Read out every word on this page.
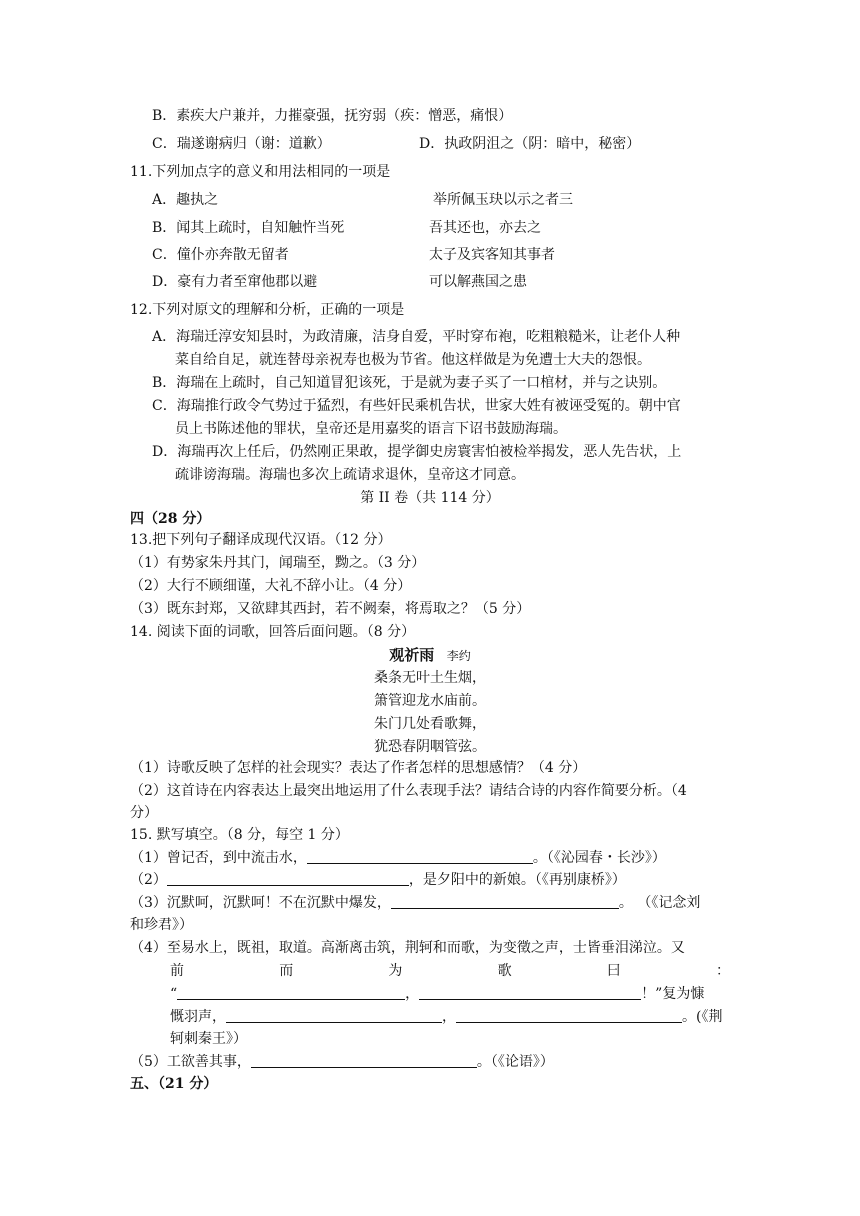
B．素疾大户兼并，力摧豪强，抚穷弱（疾：憎恶，痛恨）
C．瑞遂谢病归（谢：道歉）	D．执政阴沮之（阴：暗中，秘密）
11.下列加点字的意义和用法相同的一项是
A．趣执之	举所佩玉玦以示之者三
B．闻其上疏时，自知触忤当死	吾其还也，亦去之
C．僮仆亦奔散无留者	太子及宾客知其事者
D．豪有力者至窜他郡以避	可以解燕国之患
12.下列对原文的理解和分析，正确的一项是
A．海瑞迁淳安知县时，为政清廉，洁身自爱，平时穿布袍，吃粗粮糙米，让老仆人种
菜自给自足，就连替母亲祝寿也极为节省。他这样做是为免遭士大夫的怨恨。
B．海瑞在上疏时，自己知道冒犯该死，于是就为妻子买了一口棺材，并与之诀别。
C．海瑞推行政令气势过于猛烈，有些奸民乘机告状，世家大姓有被诬受冤的。朝中官
员上书陈述他的罪状，皇帝还是用嘉奖的语言下诏书鼓励海瑞。
D．海瑞再次上任后，仍然刚正果敢，提学御史房寰害怕被检举揭发，恶人先告状，上
疏诽谤海瑞。海瑞也多次上疏请求退休，皇帝这才同意。
第 II 卷（共 114 分）
四（28 分）
13.把下列句子翻译成现代汉语。（12 分）
（1）有势家朱丹其门，闻瑞至，黝之。（3 分）
（2）大行不顾细谨，大礼不辞小让。（4 分）
（3）既东封郑，又欲肆其西封，若不阙秦，将焉取之？（5 分）
14. 阅读下面的词歌，回答后面问题。（8 分）
观祈雨 李约
桑条无叶土生烟，
箫管迎龙水庙前。
朱门几处看歌舞，
犹恐春阴咽管弦。
（1）诗歌反映了怎样的社会现实？表达了作者怎样的思想感情？（4 分）
（2）这首诗在内容表达上最突出地运用了什么表现手法？请结合诗的内容作简要分析。（4
分）
15. 默写填空。（8 分，每空 1 分）
（1）曾记否，到中流击水，	。（《沁园春・长沙》）
（2）	，是夕阳中的新娘。（《再别康桥》）
（3）沉默呵，沉默呵！不在沉默中爆发，	。 （《记念刘
和珍君》）
（4）至易水上，既祖，取道。高渐离击筑，荆轲和而歌，为变徵之声，士皆垂泪涕泣。又
前	而	为	歌	曰	：
“	，	！”复为慷
慨羽声，	，	。(《荆
轲刺秦王》）
（5）工欲善其事，	。（《论语》）
五、（21 分）
